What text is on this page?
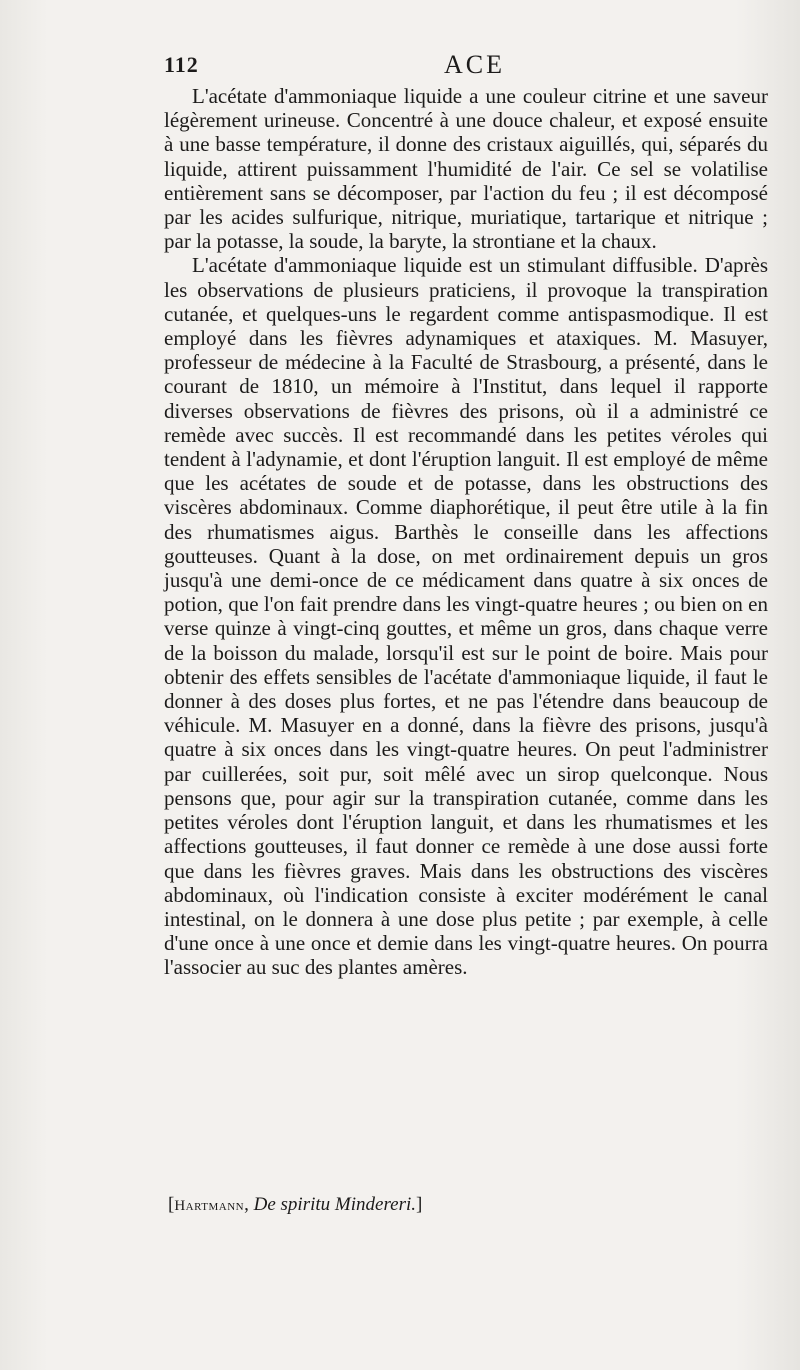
112	ACE

L'acétate d'ammoniaque liquide a une couleur citrine et une saveur légèrement urineuse. Concentré à une douce chaleur, et exposé ensuite à une basse température, il donne des cristaux aiguillés, qui, séparés du liquide, attirent puissamment l'humidité de l'air. Ce sel se volatilise entièrement sans se décomposer, par l'action du feu ; il est décomposé par les acides sulfurique, nitrique, muriatique, tartarique et nitrique ; par la potasse, la soude, la baryte, la strontiane et la chaux.

L'acétate d'ammoniaque liquide est un stimulant diffusible. D'après les observations de plusieurs praticiens, il provoque la transpiration cutanée, et quelques-uns le regardent comme antispasmodique. Il est employé dans les fièvres adynamiques et ataxiques. M. Masuyer, professeur de médecine à la Faculté de Strasbourg, a présenté, dans le courant de 1810, un mémoire à l'Institut, dans lequel il rapporte diverses observations de fièvres des prisons, où il a administré ce remède avec succès. Il est recommandé dans les petites véroles qui tendent à l'adynamie, et dont l'éruption languit. Il est employé de même que les acétates de soude et de potasse, dans les obstructions des viscères abdominaux. Comme diaphorétique, il peut être utile à la fin des rhumatismes aigus. Barthès le conseille dans les affections goutteuses. Quant à la dose, on met ordinairement depuis un gros jusqu'à une demi-once de ce médicament dans quatre à six onces de potion, que l'on fait prendre dans les vingt-quatre heures ; ou bien on en verse quinze à vingt-cinq gouttes, et même un gros, dans chaque verre de la boisson du malade, lorsqu'il est sur le point de boire. Mais pour obtenir des effets sensibles de l'acétate d'ammoniaque liquide, il faut le donner à des doses plus fortes, et ne pas l'étendre dans beaucoup de véhicule. M. Masuyer en a donné, dans la fièvre des prisons, jusqu'à quatre à six onces dans les vingt-quatre heures. On peut l'administrer par cuillerées, soit pur, soit mêlé avec un sirop quelconque. Nous pensons que, pour agir sur la transpiration cutanée, comme dans les petites véroles dont l'éruption languit, et dans les rhumatismes et les affections goutteuses, il faut donner ce remède à une dose aussi forte que dans les fièvres graves. Mais dans les obstructions des viscères abdominaux, où l'indication consiste à exciter modérément le canal intestinal, on le donnera à une dose plus petite ; par exemple, à celle d'une once à une once et demie dans les vingt-quatre heures. On pourra l'associer au suc des plantes amères.

[Hartmann, De spiritu Mindereri.]
